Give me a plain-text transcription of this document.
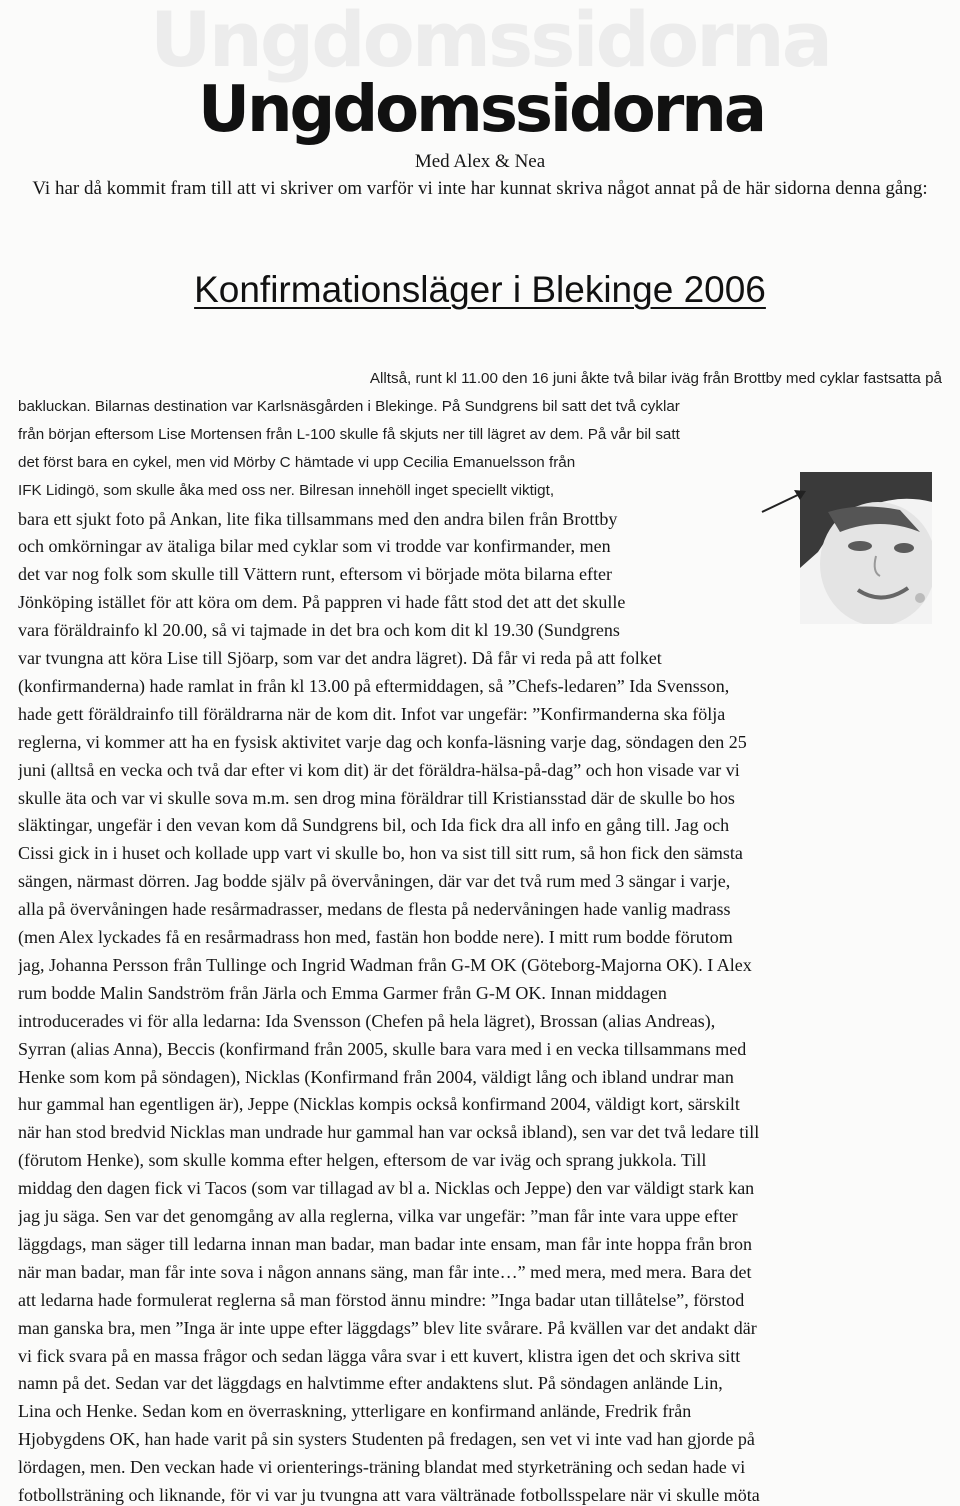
Ungdomssidorna
Ungdomssidorna
Med Alex & Nea
Vi har då kommit fram till att vi skriver om varför vi inte har kunnat skriva något annat på de här sidorna denna gång:
Konfirmationsläger i Blekinge 2006
Alltså, runt kl 11.00 den 16 juni åkte två bilar iväg från Brottby med cyklar fastsatta på
bakluckan. Bilarnas destination var Karlsnäsgården i Blekinge. På Sundgrens bil satt det två cyklar
från början eftersom Lise Mortensen från L-100 skulle få skjuts ner till lägret av dem. På vår bil satt
det först bara en cykel, men vid Mörby C hämtade vi upp Cecilia Emanuelsson från
IFK Lidingö, som skulle åka med oss ner. Bilresan innehöll inget speciellt viktigt,
bara ett sjukt foto på Ankan, lite fika tillsammans med den andra bilen från Brottby
och omkörningar av ätaliga bilar med cyklar som vi trodde var konfirmander, men
det var nog folk som skulle till Vättern runt, eftersom vi började möta bilarna efter
Jönköping istället för att köra om dem. På pappren vi hade fått stod det att det skulle
vara föräldrainfo kl 20.00, så vi tajmade in det bra och kom dit kl 19.30 (Sundgrens
var tvungna att köra Lise till Sjöarp, som var det andra lägret). Då får vi reda på att folket
(konfirmanderna) hade ramlat in från kl 13.00 på eftermiddagen, så ”Chefs-ledaren” Ida Svensson,
hade gett föräldrainfo till föräldrarna när de kom dit. Infot var ungefär: ”Konfirmanderna ska följa
reglerna, vi kommer att ha en fysisk aktivitet varje dag och konfa-läsning varje dag, söndagen den 25
juni (alltså en vecka och två dar efter vi kom dit) är det föräldra-hälsa-på-dag” och hon visade var vi
skulle äta och var vi skulle sova m.m. sen drog mina föräldrar till Kristiansstad där de skulle bo hos
släktingar, ungefär i den vevan kom då Sundgrens bil, och Ida fick dra all info en gång till. Jag och
Cissi gick in i huset och kollade upp vart vi skulle bo, hon va sist till sitt rum, så hon fick den sämsta
sängen, närmast dörren. Jag bodde själv på övervåningen, där var det två rum med 3 sängar i varje,
alla på övervåningen hade resårmadrasser, medans de flesta på nedervåningen hade vanlig madrass
(men Alex lyckades få en resårmadrass hon med, fastän hon bodde nere). I mitt rum bodde förutom
jag, Johanna Persson från Tullinge och Ingrid Wadman från G-M OK (Göteborg-Majorna OK). I Alex
rum bodde Malin Sandström från Järla och Emma Garmer från G-M OK. Innan middagen
introducerades vi för alla ledarna: Ida Svensson (Chefen på hela lägret), Brossan (alias Andreas),
Syrran (alias Anna), Beccis (konfirmand från 2005, skulle bara vara med i en vecka tillsammans med
Henke som kom på söndagen), Nicklas (Konfirmand från 2004, väldigt lång och ibland undrar man
hur gammal han egentligen är), Jeppe (Nicklas kompis också konfirmand 2004, väldigt kort, särskilt
när han stod bredvid Nicklas man undrade hur gammal han var också ibland), sen var det två ledare till
(förutom Henke), som skulle komma efter helgen, eftersom de var iväg och sprang jukkola. Till
middag den dagen fick vi Tacos (som var tillagad av bl a. Nicklas och Jeppe) den var väldigt stark kan
jag ju säga. Sen var det genomgång av alla reglerna, vilka var ungefär: ”man får inte vara uppe efter
läggdags, man säger till ledarna innan man badar, man badar inte ensam, man får inte hoppa från bron
när man badar, man får inte sova i någon annans säng, man får inte…” med mera, med mera. Bara det
att ledarna hade formulerat reglerna så man förstod ännu mindre: ”Inga badar utan tillåtelse”, förstod
man ganska bra, men ”Inga är inte uppe efter läggdags” blev lite svårare. På kvällen var det andakt där
vi fick svara på en massa frågor och sedan lägga våra svar i ett kuvert, klistra igen det och skriva sitt
namn på det. Sedan var det läggdags en halvtimme efter andaktens slut. På söndagen anlände Lin,
Lina och Henke. Sedan kom en överraskning, ytterligare en konfirmand anlände, Fredrik från
Hjobygdens OK, han hade varit på sin systers Studenten på fredagen, sen vet vi inte vad han gjorde på
lördagen, men. Den veckan hade vi orienterings-träning blandat med styrketräning och sedan hade vi
fotbollsträning och liknande, för vi var ju tvungna att vara vältränade fotbollsspelare när vi skulle möta
